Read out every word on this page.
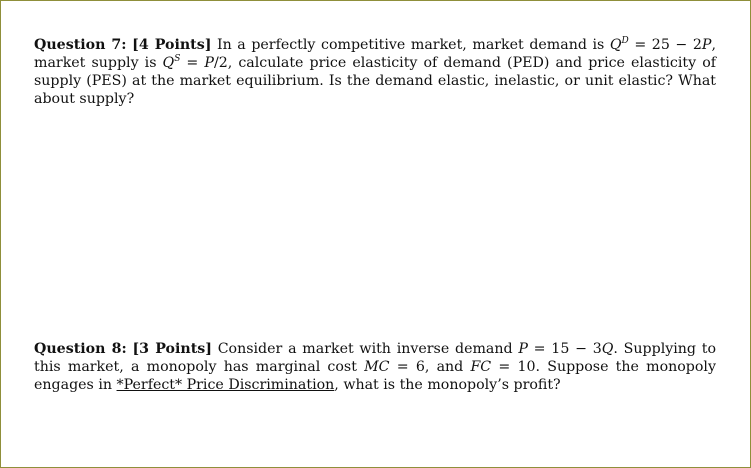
Question 7: [4 Points] In a perfectly competitive market, market demand is $Q^D = 25 - 2P$, market supply is $Q^S = P/2$, calculate price elasticity of demand (PED) and price elasticity of supply (PES) at the market equilibrium. Is the demand elastic, inelastic, or unit elastic? What about supply?
Question 8: [3 Points] Consider a market with inverse demand P = 15 − 3Q. Supplying to this market, a monopoly has marginal cost MC = 6, and FC = 10. Suppose the monopoly engages in *Perfect* Price Discrimination, what is the monopoly’s profit?
